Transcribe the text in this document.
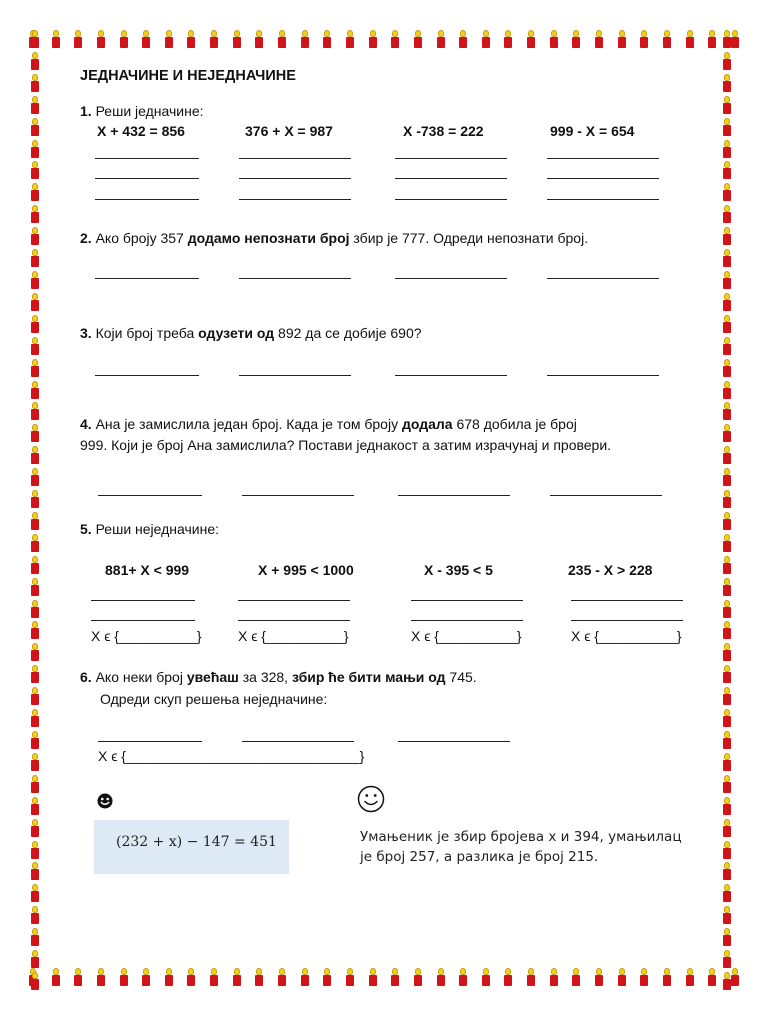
ЈЕДНАЧИНЕ И НЕЈЕДНАЧИНЕ
1. Реши једначине:
X + 432 = 856	376 + X = 987	X -738 = 222	999 - X = 654
2. Ако броју 357 додамо непознати број збир је 777. Одреди непознати број.
3. Који број треба одузети од 892 да се добије 690?
4. Ана је замислила један број. Када је том броју додала 678 добила је број
999. Који је број Ана замислила? Постави једнакост а затим израчунај и провери.
5. Реши неједначине:
881+ X < 999	X + 995 < 1000	X - 395 < 5	235 - X > 228
X ϵ {__________}	X ϵ {__________}	X ϵ {__________}	X ϵ {__________}
6. Ако неки број увећаш за 328, збир ће бити мањи од 745.
Одреди скуп решења неједначине:
X ϵ {______________________________}
(232 + x) − 147 = 451	Умањеник је збир бројева x и 394, умањилац
је број 257, а разлика је број 215.
